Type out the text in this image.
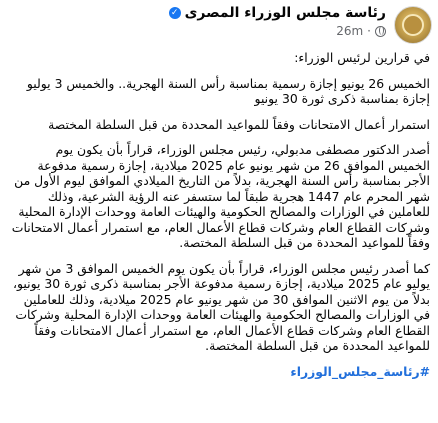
رئاسة مجلس الوزراء المصرى
✓
26m ·

في قرارين لرئيس الوزراء:

الخميس 26 يونيو إجازة رسمية بمناسبة رأس السنة الهجرية.. والخميس 3 يوليو إجازة بمناسبة ذكرى ثورة 30 يونيو

استمرار أعمال الامتحانات وفقاً للمواعيد المحددة من قبل السلطة المختصة

أصدر الدكتور مصطفى مدبولي، رئيس مجلس الوزراء، قراراً بأن يكون يوم الخميس الموافق 26 من شهر يونيو عام 2025 ميلادية، إجازة رسمية مدفوعة الأجر بمناسبة رأس السنة الهجرية، بدلاً من التاريخ الميلادي الموافق ليوم الأول من شهر المحرم عام 1447 هجرية طبقاً لما ستسفر عنه الرؤية الشرعية، وذلك للعاملين في الوزارات والمصالح الحكومية والهيئات العامة ووحدات الإدارة المحلية وشركات القطاع العام وشركات قطاع الأعمال العام، مع استمرار أعمال الامتحانات وفقاً للمواعيد المحددة من قبل السلطة المختصة.

كما أصدر رئيس مجلس الوزراء، قراراً بأن يكون يوم الخميس الموافق 3 من شهر يوليو عام 2025 ميلادية، إجازة رسمية مدفوعة الأجر بمناسبة ذكرى ثورة 30 يونيو، بدلاً من يوم الاثنين الموافق 30 من شهر يونيو عام 2025 ميلادية، وذلك للعاملين في الوزارات والمصالح الحكومية والهيئات العامة ووحدات الإدارة المحلية وشركات القطاع العام وشركات قطاع الأعمال العام، مع استمرار أعمال الامتحانات وفقاً للمواعيد المحددة من قبل السلطة المختصة.

#رئاسة_مجلس_الوزراء
